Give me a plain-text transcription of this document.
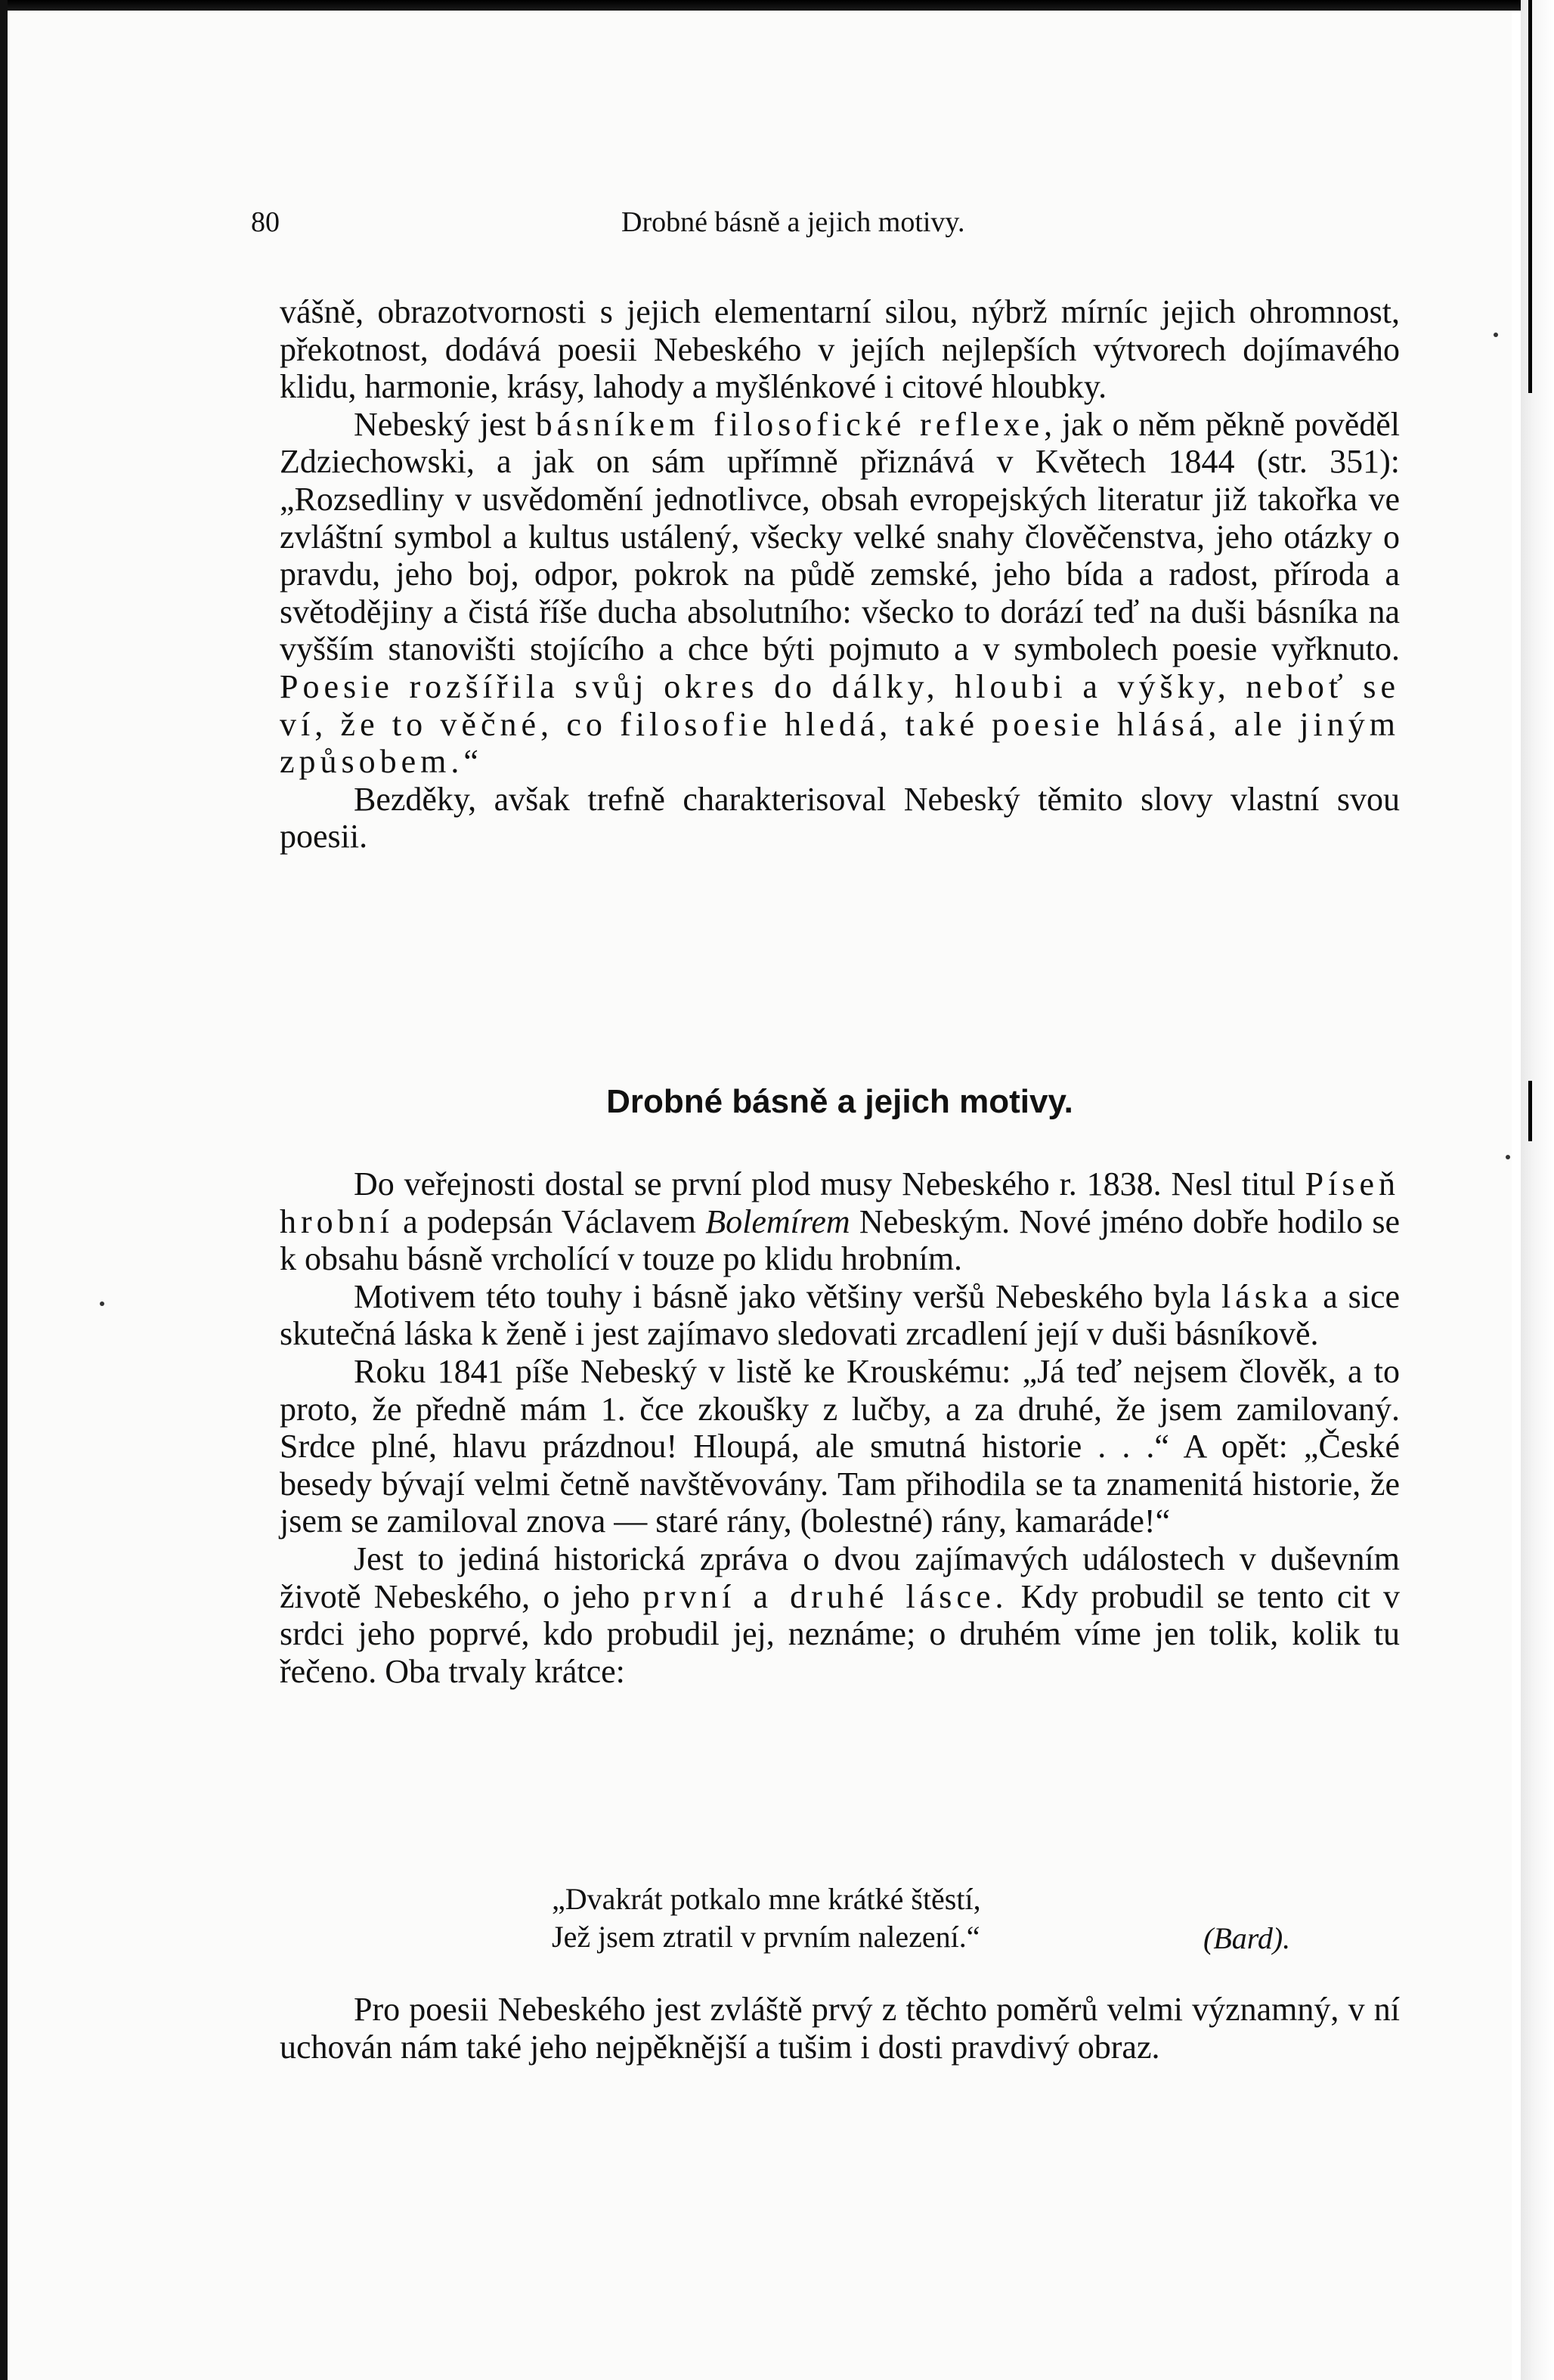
80	Drobné básně a jejich motivy.

vášně, obrazotvornosti s jejich elementarní silou, nýbrž mírníc jejich ohromnost, překotnost, dodává poesii Nebeského v jejích nejlepších výtvorech dojímavého klidu, harmonie, krásy, lahody a myšlénkové i citové hloubky.

Nebeský jest básníkem filosofické reflexe, jak o něm pěkně pověděl Zdziechowski, a jak on sám upřímně přiznává v Květech 1844 (str. 351): „Rozsedliny v usvědomění jednotlivce, obsah evropejských literatur již takořka ve zvláštní symbol a kultus ustálený, všecky velké snahy člověčenstva, jeho otázky o pravdu, jeho boj, odpor, pokrok na půdě zemské, jeho bída a radost, příroda a světodějiny a čistá říše ducha absolutního: všecko to dorází teď na duši básníka na vyšším stanovišti stojícího a chce býti pojmuto a v symbolech poesie vyřknuto. Poesie rozšířila svůj okres do dálky, hloubi a výšky, neboť se ví, že to věčné, co filosofie hledá, také poesie hlásá, ale jiným způsobem.“

Bezděky, avšak trefně charakterisoval Nebeský těmito slovy vlastní svou poesii.

Drobné básně a jejich motivy.

Do veřejnosti dostal se první plod musy Nebeského r. 1838. Nesl titul Píseň hrobní a podepsán Václavem Bolemírem Nebeským. Nové jméno dobře hodilo se k obsahu básně vrcholící v touze po klidu hrobním.

Motivem této touhy i básně jako většiny veršů Nebeského byla láska a sice skutečná láska k ženě i jest zajímavo sledovati zrcadlení její v duši básníkově.

Roku 1841 píše Nebeský v listě ke Krouskému: „Já teď nejsem člověk, a to proto, že předně mám 1. čce zkoušky z lučby, a za druhé, že jsem zamilovaný. Srdce plné, hlavu prázdnou! Hloupá, ale smutná historie . . .“ A opět: „České besedy bývají velmi četně navštěvovány. Tam přihodila se ta znamenitá historie, že jsem se zamiloval znova — staré rány, (bolestné) rány, kamaráde!“

Jest to jediná historická zpráva o dvou zajímavých událostech v duševním životě Nebeského, o jeho první a druhé lásce. Kdy probudil se tento cit v srdci jeho poprvé, kdo probudil jej, neznáme; o druhém víme jen tolik, kolik tu řečeno. Oba trvaly krátce:

„Dvakrát potkalo mne krátké štěstí,
Jež jsem ztratil v prvním nalezení.“	(Bard).

Pro poesii Nebeského jest zvláště prvý z těchto poměrů velmi významný, v ní uchován nám také jeho nejpěknější a tušim i dosti pravdivý obraz.
